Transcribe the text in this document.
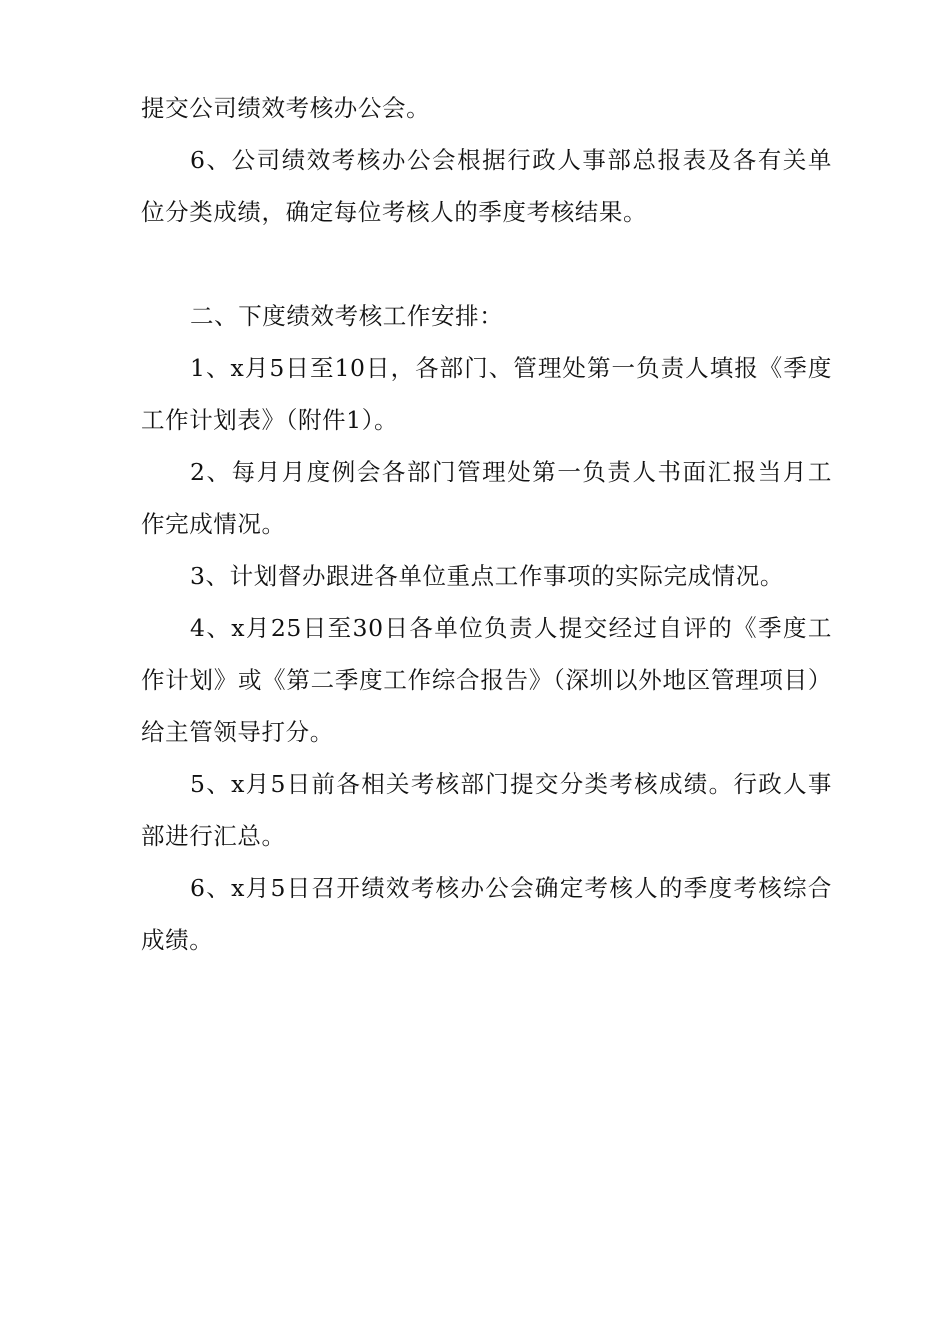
提交公司绩效考核办公会。

6、公司绩效考核办公会根据行政人事部总报表及各有关单位分类成绩，确定每位考核人的季度考核结果。

二、下度绩效考核工作安排：

1、x月5日至10日，各部门、管理处第一负责人填报《季度工作计划表》（附件1）。

2、每月月度例会各部门管理处第一负责人书面汇报当月工作完成情况。

3、计划督办跟进各单位重点工作事项的实际完成情况。

4、x月25日至30日各单位负责人提交经过自评的《季度工作计划》或《第二季度工作综合报告》（深圳以外地区管理项目）给主管领导打分。

5、x月5日前各相关考核部门提交分类考核成绩。行政人事部进行汇总。

6、x月5日召开绩效考核办公会确定考核人的季度考核综合成绩。
